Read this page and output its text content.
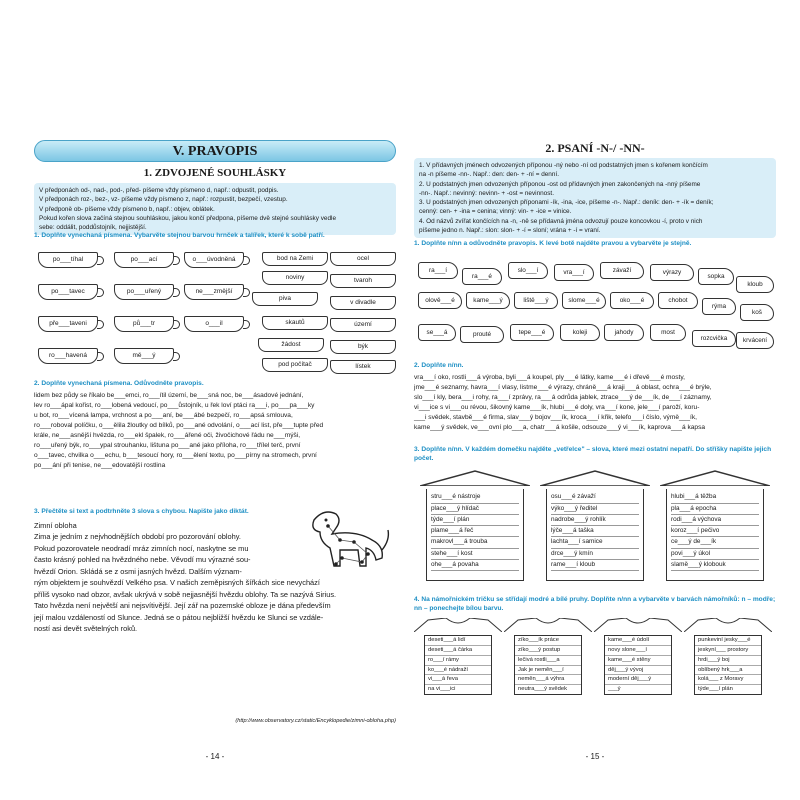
V. PRAVOPIS
1. ZDVOJENÉ SOUHLÁSKY
V předponách od-, nad-, pod-, před- píšeme vždy písmeno d, např.: odpustit, podpis.
V předponách roz-, bez-, vz- píšeme vždy písmeno z, např.: rozpustit, bezpečí, vzestup.
V předponě ob- píšeme vždy písmeno b, např.: objev, oblátek.
Pokud kořen slova začíná stejnou souhláskou, jakou končí předpona, píšeme dvě stejné souhlásky vedle
sebe: oddálit, poddůstojník, nejjistější.
1. Doplňte vynechaná písmena. Vybarvěte stejnou barvou hrnček a talířek, které k sobě patří.
po___tíhal	po___ací	o___úvodněná
po___tavec	po___uřený	ne___zmější
pře___taveni	pů___tr	o___il
ro___havená	mě___ý
bod na Zemi	ocel
noviny	tvaroh
piva
v divadle
skautů	území
žádost	býk
pod počítač	lístek
2. Doplňte vynechaná písmena. Odůvodněte pravopis.
lidem bez půdy se říkalo be___emci, ro___ítil území, be___sná noc, be___ásadové jednání,
lev ro___ápal kořist, ro___lobená vedoucí, po___ůstojník, u řek loví ptáci ra___i, po___pa___ky
u bot, ro___vícená lampa, vrchnost a po___aní, be___ábé bezpečí, ro___apsá smlouva,
ro___roboval políčku, o___ělila žloutky od bílků, po___ané odvolání, o___ací list, pře___tupte před
krále, ne___asnější hvězda, ro___ekl špalek, ro___ářené oči, živočichové řádu ne___mýši,
ro___uřený býk, ro___ypal strouhanku, lištuna po___ané jako příloha, ro___třílel terč, první
o___tavec, chvilka o___echu, b___tesoucí hory, ro___ělení textu, po___pírny na stromech, první
po___ání při tenise, ne___edovatější rostlina
3. Přečtěte si text a podtrhněte 3 slova s chybou. Napište jako diktát.
Zimní obloha
Zima je jedním z nejvhodnějších období pro pozorování oblohy.
Pokud pozorovatele neodradí mráz zimních nocí, naskytne se mu
často krásný pohled na hvězdného nebe. Věvodí mu výrazné sou-
hvězdí Orion. Skládá se z osmi jasných hvězd. Dalším význam-
ným objektem je souhvězdí Velkého psa. V našich zeměpisných šířkách sice nevychází
příliš vysoko nad obzor, avšak ukrývá v sobě nejjasnější hvězdu oblohy. Ta se nazývá Sirius.
Tato hvězda není největší ani nejsvítivější. Její zář na pozemské obloze je dána především
její malou vzdáleností od Slunce. Jedná se o pátou nejbližší hvězdu ke Slunci se vzdále-
ností asi devět světelných roků.
(http://www.observatory.cz/static/Encyklopedie/zimni-obloha.php)
- 14 -
2. PSANÍ -N-/ -NN-
1. V přídavných jménech odvozených příponou -ný nebo -ní od podstatných jmen s kořenem končícím
na -n píšeme -nn-. Např.: den: den- + -ní = denní.
2. U podstatných jmen odvozených příponou -ost od přídavných jmen zakončených na -nný píšeme
-nn-. Např.: nevinný: nevinn- + -ost = nevinnost.
3. U podstatných jmen odvozených příponami -ík, -ina, -ice, píšeme -n-. Např.: deník: den- + -ík = deník;
cenný: cen- + -ina = cenina; vinný: vin- + -ice = vinice.
4. Od názvů zvířat končících na -n, -ně se přídavná jména odvozují pouze koncovkou -í, proto v nich
píšeme jedno n. Např.: slon: slon- + -í = sloní; vrána + -í = vraní.
1. Doplňte n/nn a odůvodněte pravopis. K levé botě najděte pravou a vybarvěte je stejně.
ra___í
ra___é
slo___í	vra___í	závaží	výrazy
sopka
kloub
olově___é	kame___ý	liště___ý	slome___é	oko___é	chobot
rýma
koš
se___á	prouté	tepe___é	koleji	jahody	most
rozcvička	krvácení
2. Doplňte n/nn.
vra___í oko, rostli___á výroba, byli___á koupel, ply___é látky, kame___é i dřevě___é mosty,
jme___é seznamy, havra___í vlasy, listme___é výrazy, chráně___á kraji___á oblast, ochra___é brýle,
slo___í kly, bera___i rohy, ra___í zprávy, ra___á odrůda jablek, ztrace___ý de___ík, de___í záznamy,
vi___ice s vi___ou révou, šikovný kame___ík, hlubi___é doly, vra___í kone, jele___í paroží, koru-
___i svědek, stavbě___é firma, slav___ý bojov___ík, kroca___í křik, telefo___í číslo, výmě___ík,
kame___ý svědek, ve___ovní plo___a, chatr___á košile, odsouze___ý vi___ík, kaprova___á kapsa
3. Doplňte n/nn. V každém domečku najděte „vetřelce" – slova, které mezi ostatní nepatří. Do stříšky napište jejich počet.
stru___é nástroje
place___ý hlídač
týde___í plán
plame___á řeč
makrovl___á trouba
stehe___í kost
ohe___á povaha
osu___é závaží
výko___ý ředitel
nadrobe___ý rohlík
lýče___á taška
lachta___í samice
drce___ý kmín
rame___í kloub
hlubi___á těžba
pla___á epocha
rodi___á výchova
koroz___í pečivo
ce___ý de___ík
povi___ý úkol
slamě___ý klobouk
4. Na námořnickém tričku se střídají modré a bílé pruhy. Doplňte n/nn a vybarvěte v barvách námořníků: n – modře; nn – ponechejte bílou barvu.
deseti___á lidí
deseti___á čárka
ro___í rámy
ko___é nádraží
vi___á řeva
na vi___ici
zíko___ík práce
zíko___ý postup
lečivá rostli___a
Jak je neměn___í
neměn___á výhra
neutra___ý svědek
kame___é údolí
novy slone___í
kame___é stěny
děj___ý vývoj
moderní děj___ý
___ý
punkeviní jesky___é
jeskyní___ prostory
hrdi___ý boj
oblíbený hrk___a
kolá___ z Moravy
týde___í plán
- 15 -
